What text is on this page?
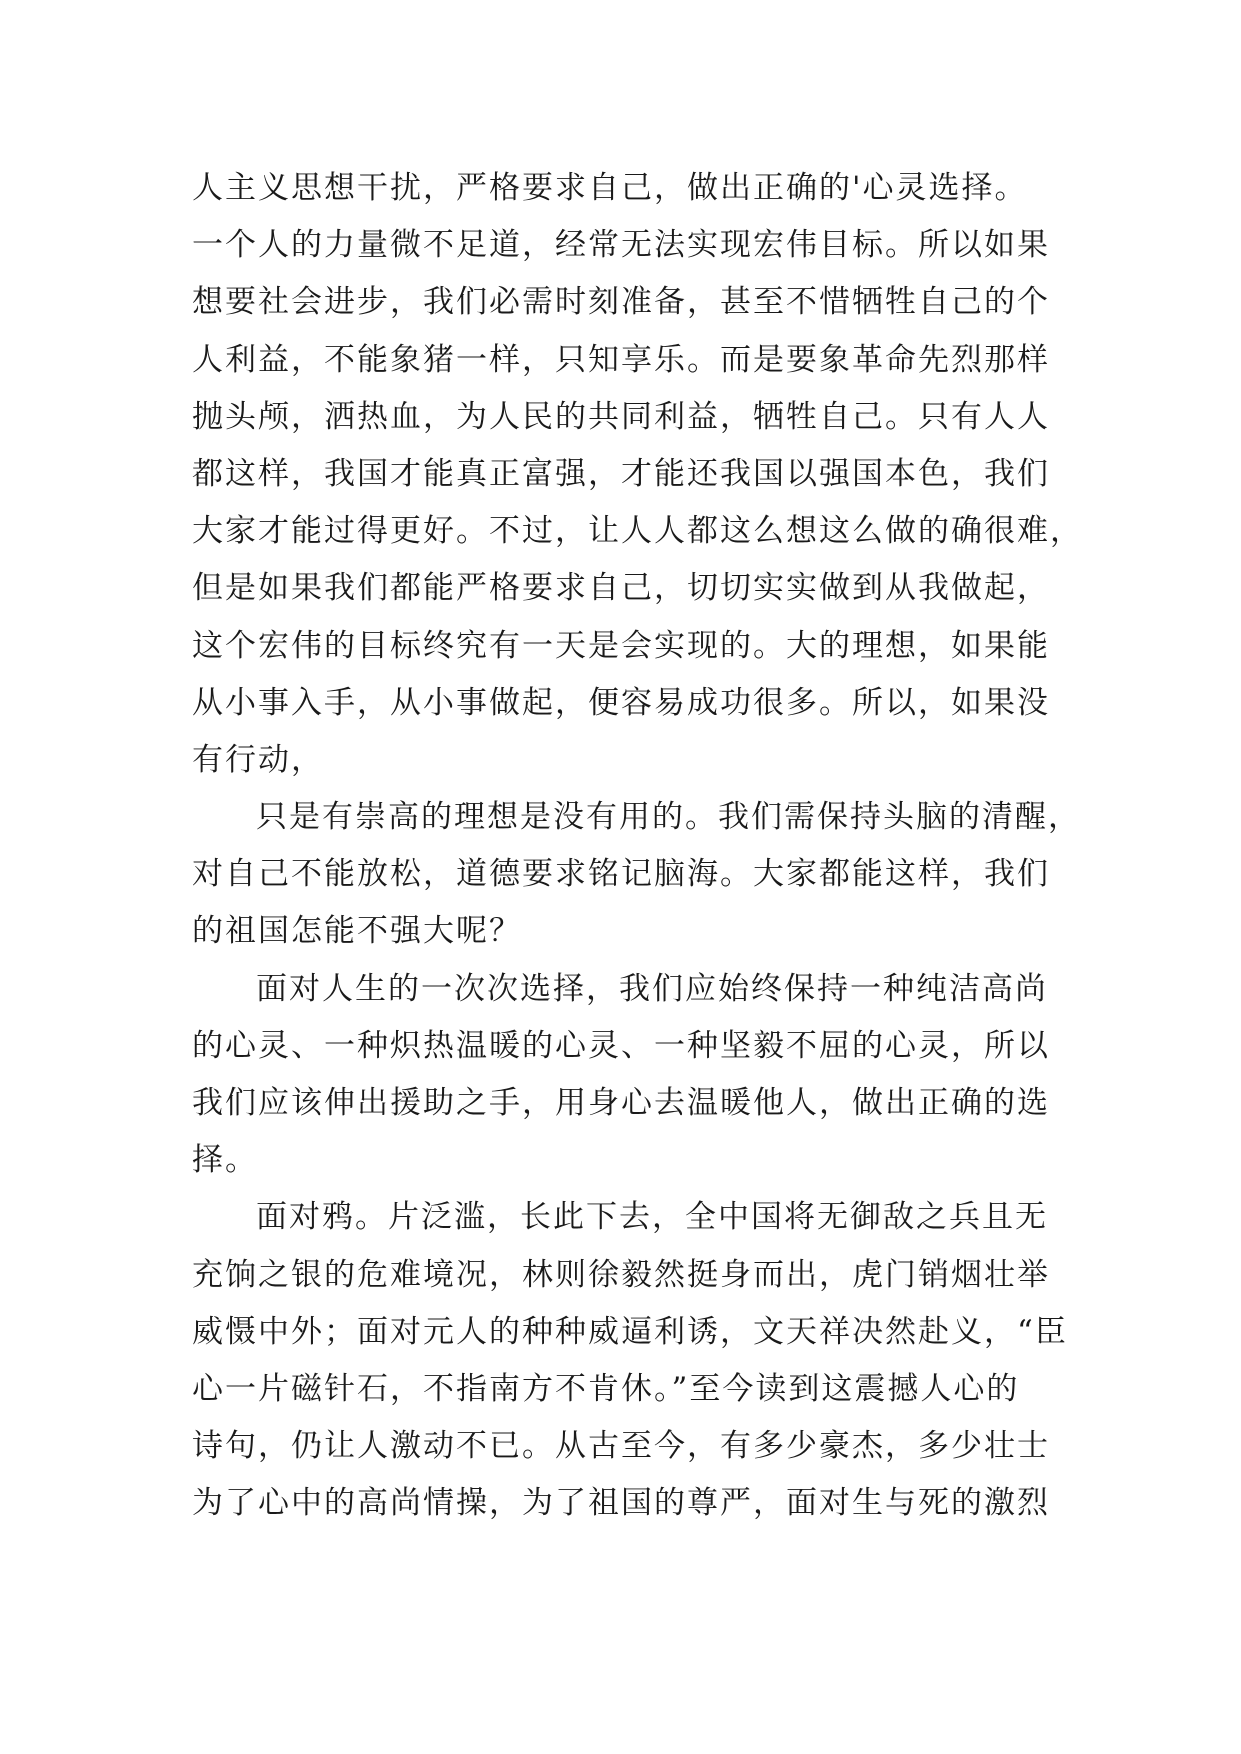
人主义思想干扰，严格要求自己，做出正确的'心灵选择。
一个人的力量微不足道，经常无法实现宏伟目标。所以如果
想要社会进步，我们必需时刻准备，甚至不惜牺牲自己的个
人利益，不能象猪一样，只知享乐。而是要象革命先烈那样
抛头颅，洒热血，为人民的共同利益，牺牲自己。只有人人
都这样，我国才能真正富强，才能还我国以强国本色，我们
大家才能过得更好。不过，让人人都这么想这么做的确很难，
但是如果我们都能严格要求自己，切切实实做到从我做起，
这个宏伟的目标终究有一天是会实现的。大的理想，如果能
从小事入手，从小事做起，便容易成功很多。所以，如果没
有行动，
只是有崇高的理想是没有用的。我们需保持头脑的清醒，
对自己不能放松，道德要求铭记脑海。大家都能这样，我们
的祖国怎能不强大呢？
面对人生的一次次选择，我们应始终保持一种纯洁高尚
的心灵、一种炽热温暖的心灵、一种坚毅不屈的心灵，所以
我们应该伸出援助之手，用身心去温暖他人，做出正确的选
择。
面对鸦。片泛滥，长此下去，全中国将无御敌之兵且无
充饷之银的危难境况，林则徐毅然挺身而出，虎门销烟壮举
威慑中外；面对元人的种种威逼利诱，文天祥决然赴义，“臣
心一片磁针石，不指南方不肯休。”至今读到这震撼人心的
诗句，仍让人激动不已。从古至今，有多少豪杰，多少壮士
为了心中的高尚情操，为了祖国的尊严，面对生与死的激烈
